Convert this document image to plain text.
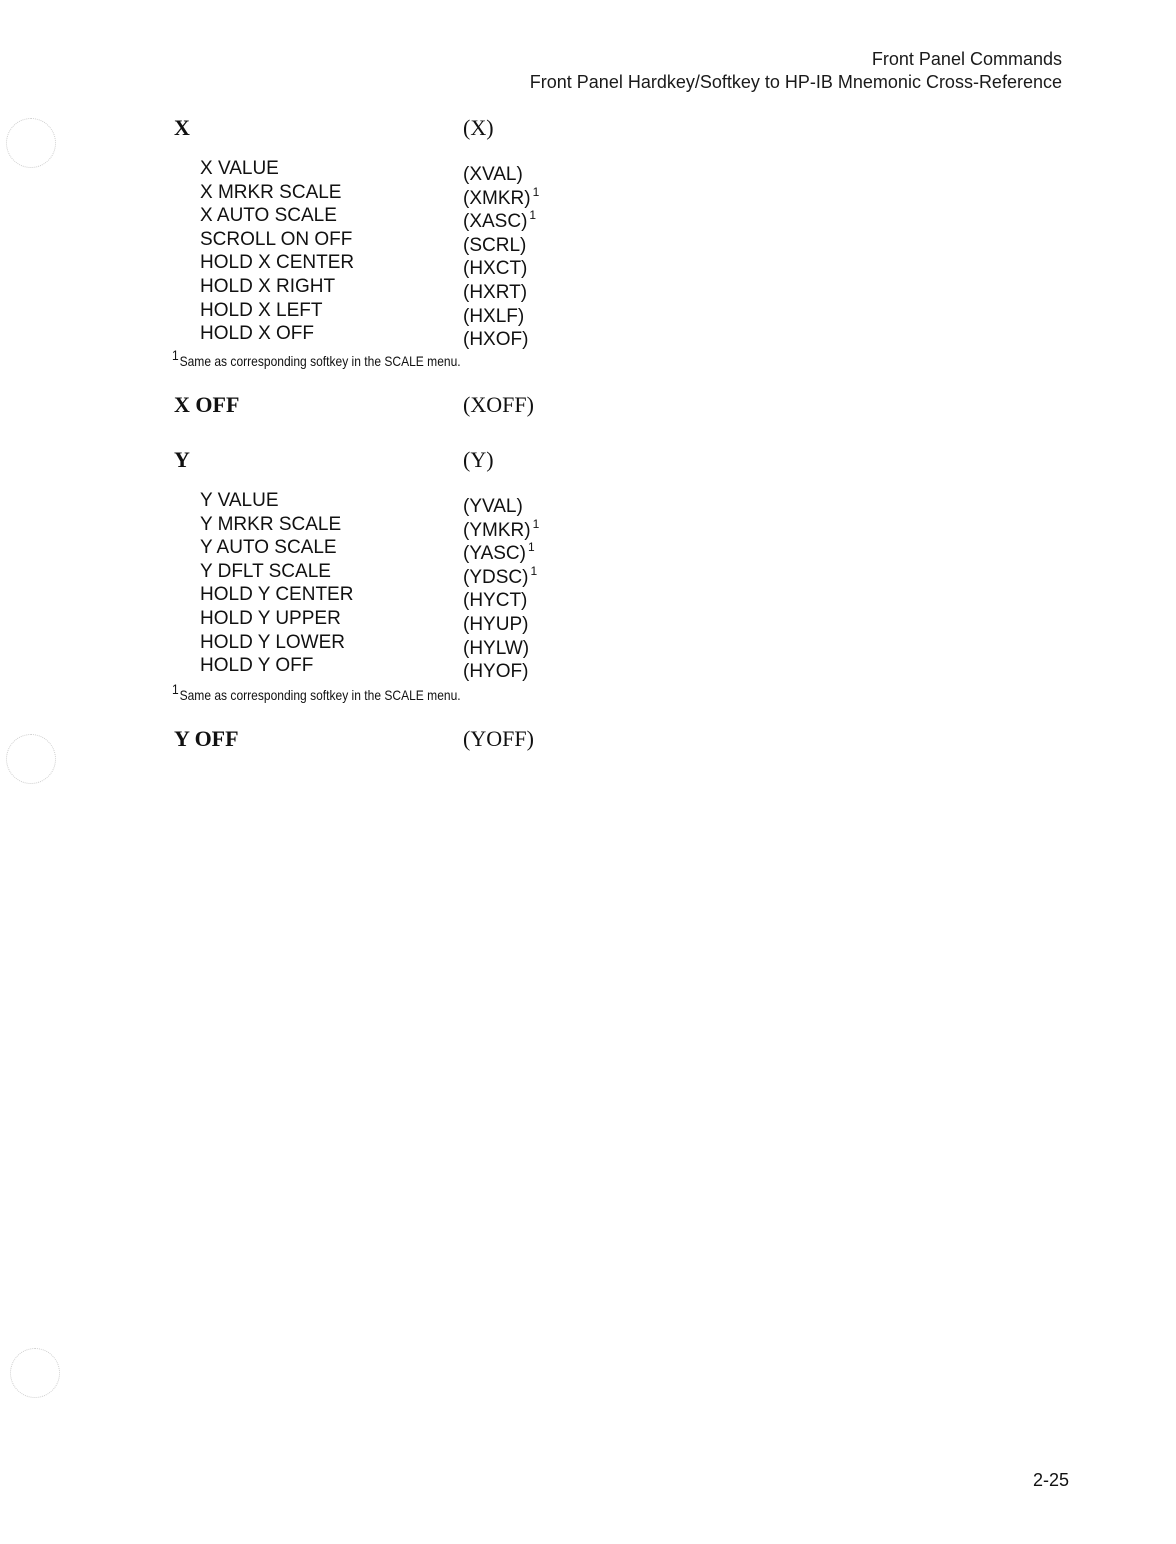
Front Panel Commands
Front Panel Hardkey/Softkey to HP-IB Mnemonic Cross-Reference
X	(X)
X VALUE	(XVAL)
X MRKR SCALE	(XMKR) $^1$
X AUTO SCALE	(XASC) $^1$
SCROLL ON OFF	(SCRL)
HOLD X CENTER	(HXCT)
HOLD X RIGHT	(HXRT)
HOLD X LEFT	(HXLF)
HOLD X OFF	(HXOF)
1Same as corresponding softkey in the SCALE menu.
X OFF	(XOFF)
Y	(Y)
Y VALUE	(YVAL)
Y MRKR SCALE	(YMKR) $^1$
Y AUTO SCALE	(YASC) $^1$
Y DFLT SCALE	(YDSC) $^1$
HOLD Y CENTER	(HYCT)
HOLD Y UPPER	(HYUP)
HOLD Y LOWER	(HYLW)
HOLD Y OFF	(HYOF)
1Same as corresponding softkey in the SCALE menu.
Y OFF	(YOFF)
2-25
